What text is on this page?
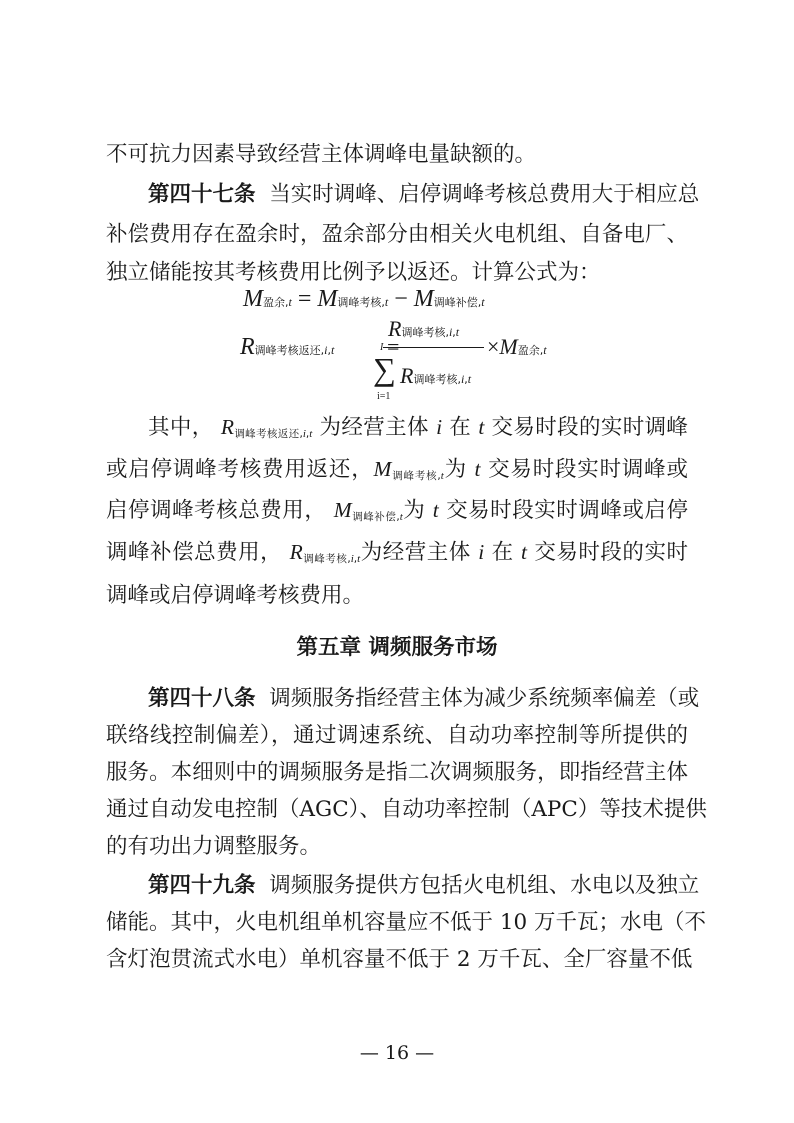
不可抗力因素导致经营主体调峰电量缺额的。
第四十七条 当实时调峰、启停调峰考核总费用大于相应总
补偿费用存在盈余时，盈余部分由相关火电机组、自备电厂、
独立储能按其考核费用比例予以返还。计算公式为：
M盈余,t = M调峰考核,t − M调峰补偿,t
R调峰考核返还,i,t
R调峰考核,i,t
I
∑
i=1
R调峰考核,i,t
×M盈余,t
其中， R调峰考核返还,i,t 为经营主体 i 在 t 交易时段的实时调峰
或启停调峰考核费用返还，M调峰考核,t为 t 交易时段实时调峰或
启停调峰考核总费用， M调峰补偿,t为 t 交易时段实时调峰或启停
调峰补偿总费用， R调峰考核,i,t为经营主体 i 在 t 交易时段的实时
调峰或启停调峰考核费用。
第五章 调频服务市场
第四十八条 调频服务指经营主体为减少系统频率偏差（或
联络线控制偏差），通过调速系统、自动功率控制等所提供的
服务。本细则中的调频服务是指二次调频服务，即指经营主体
通过自动发电控制（AGC）、自动功率控制（APC）等技术提供
的有功出力调整服务。
第四十九条 调频服务提供方包括火电机组、水电以及独立
储能。其中，火电机组单机容量应不低于 10 万千瓦；水电（不
含灯泡贯流式水电）单机容量不低于 2 万千瓦、全厂容量不低
— 16 —
